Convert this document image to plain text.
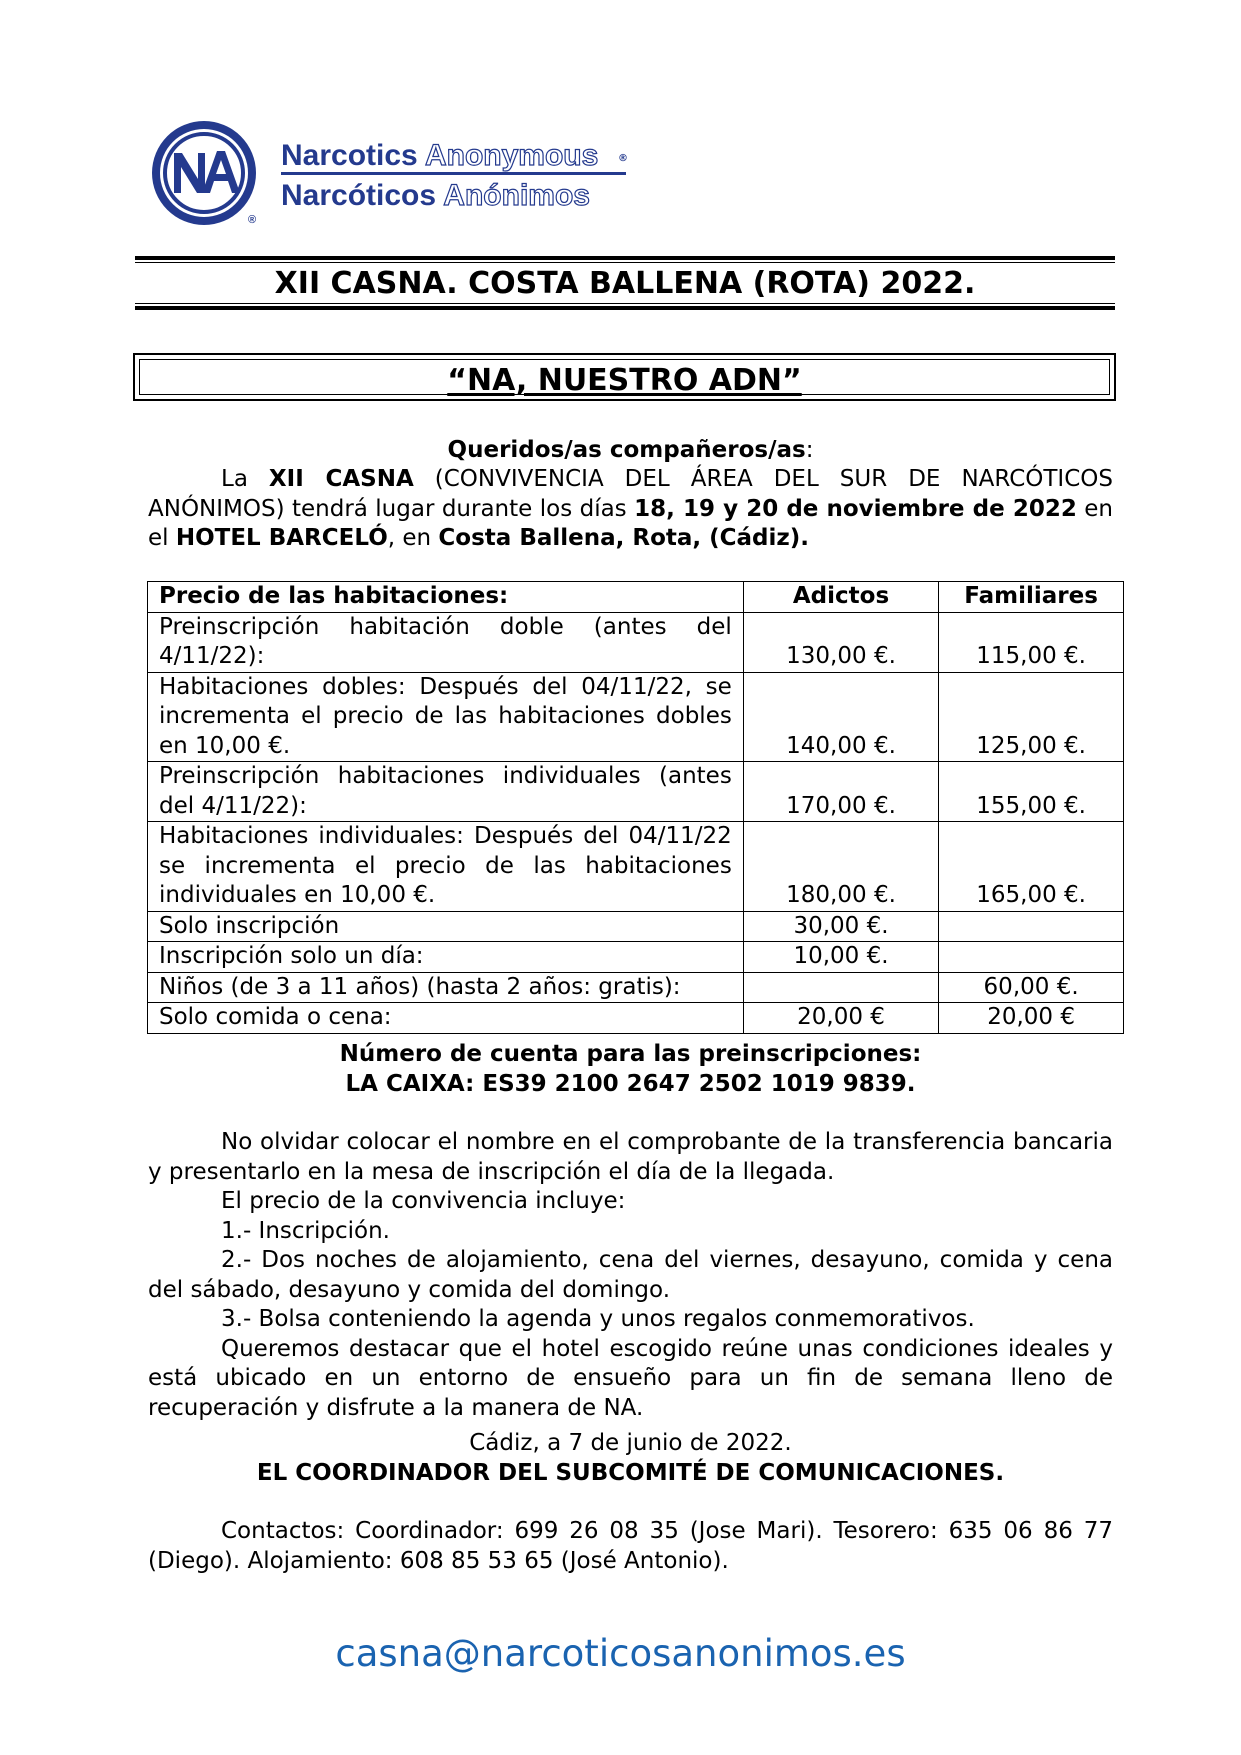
®
Narcotics Anonymous ®
Narcóticos Anónimos
XII CASNA. COSTA BALLENA (ROTA) 2022.
“NA, NUESTRO ADN”
Queridos/as compañeros/as:
La XII CASNA (CONVIVENCIA DEL ÁREA DEL SUR DE NARCÓTICOS ANÓNIMOS) tendrá lugar durante los días 18, 19 y 20 de noviembre de 2022 en el HOTEL BARCELÓ, en Costa Ballena, Rota, (Cádiz).
Precio de las habitaciones:	Adictos	Familiares
Preinscripción habitación doble (antes del 4/11/22):	130,00 €.	115,00 €.
Habitaciones dobles: Después del 04/11/22, se incrementa el precio de las habitaciones dobles en 10,00 €.	140,00 €.	125,00 €.
Preinscripción habitaciones individuales (antes del 4/11/22):	170,00 €.	155,00 €.
Habitaciones individuales: Después del 04/11/22 se incrementa el precio de las habitaciones individuales en 10,00 €.	180,00 €.	165,00 €.
Solo inscripción	30,00 €.	
Inscripción solo un día:	10,00 €.	
Niños (de 3 a 11 años) (hasta 2 años: gratis):		60,00 €.
Solo comida o cena:	20,00 €	20,00 €
Número de cuenta para las preinscripciones:
LA CAIXA: ES39 2100 2647 2502 1019 9839.
No olvidar colocar el nombre en el comprobante de la transferencia bancaria y presentarlo en la mesa de inscripción el día de la llegada.
El precio de la convivencia incluye:
1.- Inscripción.
2.- Dos noches de alojamiento, cena del viernes, desayuno, comida y cena del sábado, desayuno y comida del domingo.
3.- Bolsa conteniendo la agenda y unos regalos conmemorativos.
Queremos destacar que el hotel escogido reúne unas condiciones ideales y está ubicado en un entorno de ensueño para un fin de semana lleno de recuperación y disfrute a la manera de NA.
Cádiz, a 7 de junio de 2022.
EL COORDINADOR DEL SUBCOMITÉ DE COMUNICACIONES.
Contactos: Coordinador: 699 26 08 35 (Jose Mari). Tesorero: 635 06 86 77 (Diego). Alojamiento: 608 85 53 65 (José Antonio).
casna@narcoticosanonimos.es
